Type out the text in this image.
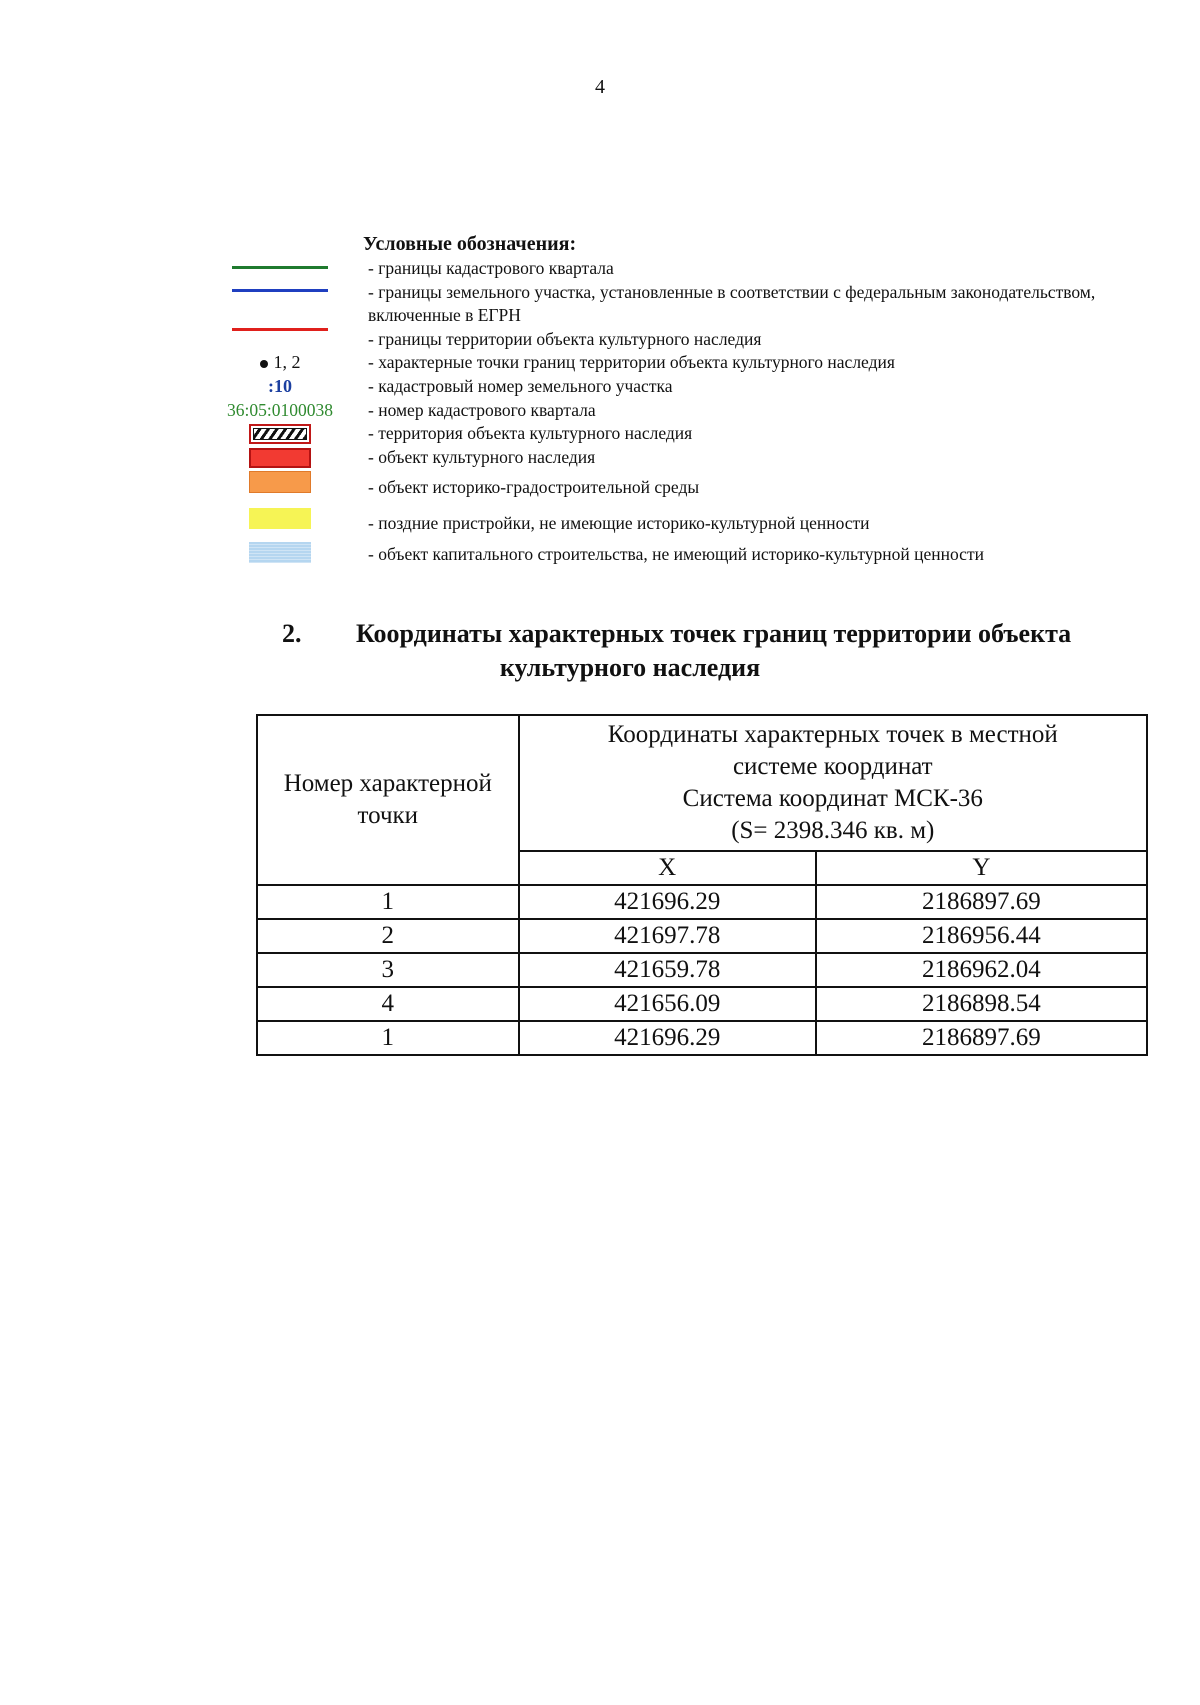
4
Условные обозначения:
- границы кадастрового квартала
- границы земельного участка, установленные в соответствии с федеральным законодательством, включенные в ЕГРН
- границы территории объекта культурного наследия
1, 2	- характерные точки границ территории объекта культурного наследия
:10	- кадастровый номер земельного участка
36:05:0100038 - номер кадастрового квартала
- территория объекта культурного наследия
- объект культурного наследия
- объект историко-градостроительной среды
- поздние пристройки, не имеющие историко-культурной ценности
- объект капитального строительства, не имеющий историко-культурной ценности
2. Координаты характерных точек границ территории объекта
культурного наследия
Номер характерной точки	Координаты характерных точек в местной
системе координат
Система координат МСК-36
(S= 2398.346 кв. м)	

	X	Y
1	421696.29	2186897.69
2	421697.78	2186956.44
3	421659.78	2186962.04
4	421656.09	2186898.54
1	421696.29	2186897.69
